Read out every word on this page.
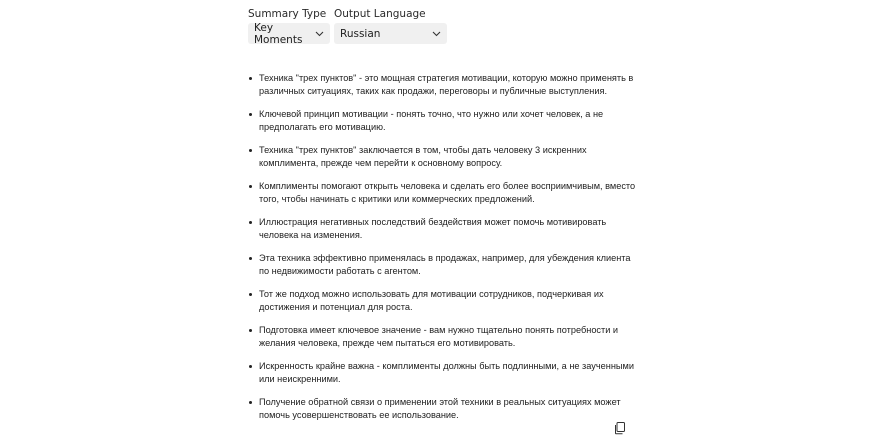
Summary Type
Key Moments
Output Language
Russian
Техника "трех пунктов" - это мощная стратегия мотивации, которую можно применять в различных ситуациях, таких как продажи, переговоры и публичные выступления.
Ключевой принцип мотивации - понять точно, что нужно или хочет человек, а не предполагать его мотивацию.
Техника "трех пунктов" заключается в том, чтобы дать человеку 3 искренних комплимента, прежде чем перейти к основному вопросу.
Комплименты помогают открыть человека и сделать его более восприимчивым, вместо того, чтобы начинать с критики или коммерческих предложений.
Иллюстрация негативных последствий бездействия может помочь мотивировать человека на изменения.
Эта техника эффективно применялась в продажах, например, для убеждения клиента по недвижимости работать с агентом.
Тот же подход можно использовать для мотивации сотрудников, подчеркивая их достижения и потенциал для роста.
Подготовка имеет ключевое значение - вам нужно тщательно понять потребности и желания человека, прежде чем пытаться его мотивировать.
Искренность крайне важна - комплименты должны быть подлинными, а не заученными или неискренними.
Получение обратной связи о применении этой техники в реальных ситуациях может помочь усовершенствовать ее использование.
